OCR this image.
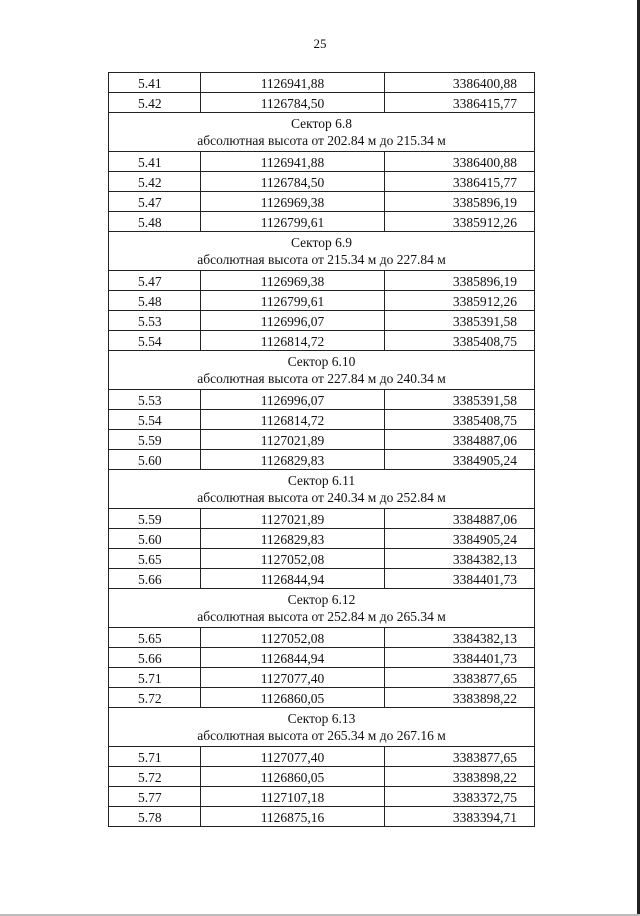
25
5.41	1126941,88	3386400,88
5.42	1126784,50	3386415,77

Сектор 6.8
абсолютная высота от 202.84 м до 215.34 м		

5.41	1126941,88	3386400,88
5.42	1126784,50	3386415,77
5.47	1126969,38	3385896,19
5.48	1126799,61	3385912,26

Сектор 6.9
абсолютная высота от 215.34 м до 227.84 м		

5.47	1126969,38	3385896,19
5.48	1126799,61	3385912,26
5.53	1126996,07	3385391,58
5.54	1126814,72	3385408,75

Сектор 6.10
абсолютная высота от 227.84 м до 240.34 м		

5.53	1126996,07	3385391,58
5.54	1126814,72	3385408,75
5.59	1127021,89	3384887,06
5.60	1126829,83	3384905,24

Сектор 6.11
абсолютная высота от 240.34 м до 252.84 м		

5.59	1127021,89	3384887,06
5.60	1126829,83	3384905,24
5.65	1127052,08	3384382,13
5.66	1126844,94	3384401,73

Сектор 6.12
абсолютная высота от 252.84 м до 265.34 м		

5.65	1127052,08	3384382,13
5.66	1126844,94	3384401,73
5.71	1127077,40	3383877,65
5.72	1126860,05	3383898,22

Сектор 6.13
абсолютная высота от 265.34 м до 267.16 м		

5.71	1127077,40	3383877,65
5.72	1126860,05	3383898,22
5.77	1127107,18	3383372,75
5.78	1126875,16	3383394,71
